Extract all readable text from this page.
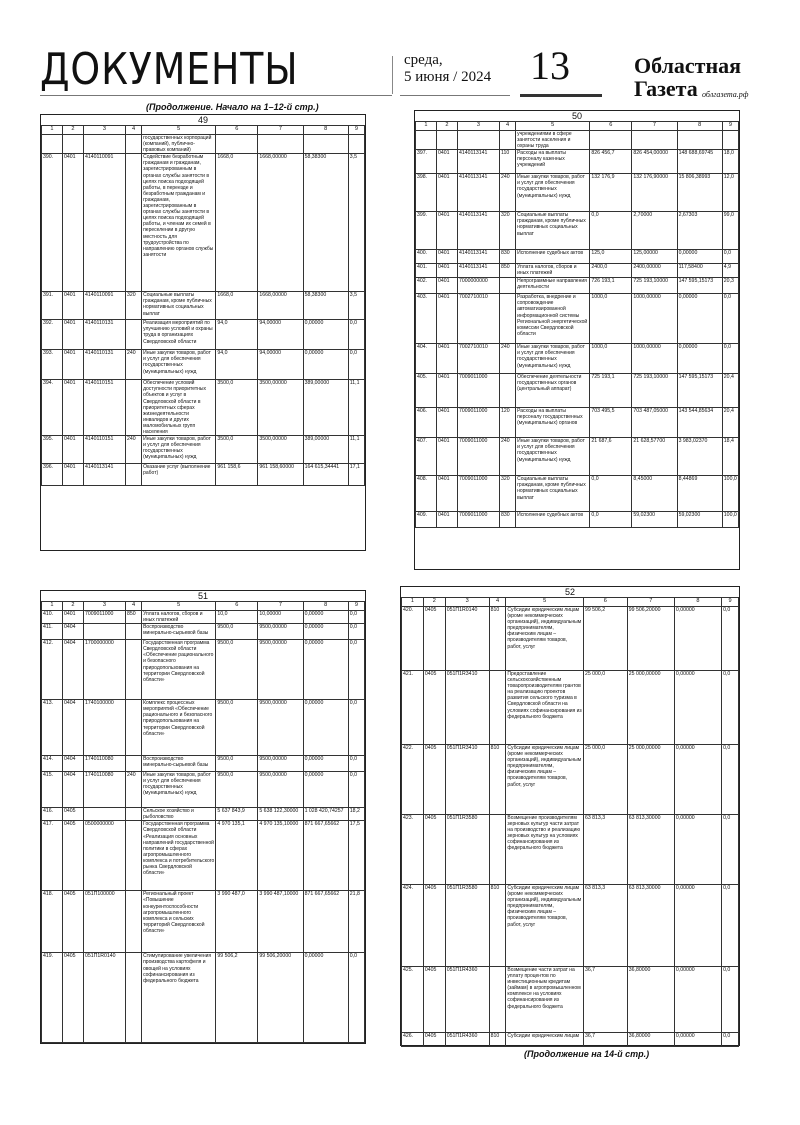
ДОКУМЕНТЫ	среда,
5 июня / 2024 13	Областная
Газета облгазета.рф
(Продолжение. Начало на 1–12-й стр.)
49
1	2	3	4	5	6	7	8	9
				государственных корпораций (компаний), публично-правовых компаний)				
390.	0401	4140110091		Содействие безработным гражданам и гражданам, зарегистрированным в органах службы занятости в целях поиска подходящей работы, в переезде и безработным гражданам и гражданам, зарегистрированным в органах службы занятости в целях поиска подходящей работы, и членам их семей в переселении в другую местность для трудоустройства по направлению органов службы занятости	1668,0	1668,00000	58,38300	3,5
391.	0401	4140110091	320	Социальные выплаты гражданам, кроме публичных нормативных социальных выплат	1668,0	1668,00000	58,38300	3,5
392.	0401	4140110131		Реализация мероприятий по улучшению условий и охраны труда в организациях Свердловской области	94,0	94,00000	0,00000	0,0
393.	0401	4140110131	240	Иные закупки товаров, работ и услуг для обеспечения государственных (муниципальных) нужд	94,0	94,00000	0,00000	0,0
394.	0401	4140110151		Обеспечение условий доступности приоритетных объектов и услуг в Свердловской области в приоритетных сферах жизнедеятельности инвалидов и других маломобильных групп населения	3500,0	3500,00000	389,00000	11,1
395.	0401	4140110151	240	Иные закупки товаров, работ и услуг для обеспечения государственных (муниципальных) нужд	3500,0	3500,00000	389,00000	11,1
396.	0401	4140113141		Оказание услуг (выполнение работ)	961 158,6	961 158,60000	164 615,34441	17,1
50
1	2	3	4	5	6	7	8	9
				учреждениями в сфере занятости населения и охраны труда				
397.	0401	4140113141	110	Расходы на выплаты персоналу казенных учреждений	826 456,7	826 454,00000	148 688,69745	18,0
398.	0401	4140113141	240	Иные закупки товаров, работ и услуг для обеспечения государственных (муниципальных) нужд	132 176,9	132 176,90000	15 806,38993	12,0
399.	0401	4140113141	320	Социальные выплаты гражданам, кроме публичных нормативных социальных выплат	0,0	2,70000	2,67303	99,0
400.	0401	4140113141	830	Исполнение судебных актов	125,0	125,00000	0,00000	0,0
401.	0401	4140113141	850	Уплата налогов, сборов и иных платежей	2400,0	2400,00000	117,58400	4,9
402.	0401	7000000000		Непрограммные направления деятельности	726 193,1	725 193,10000	147 595,15173	20,3
403.	0401	7002710010		Разработка, внедрение и сопровождение автоматизированной информационной системы Региональной энергетической комиссии Свердловской области	1000,0	1000,00000	0,00000	0,0
404.	0401	7002710010	240	Иные закупки товаров, работ и услуг для обеспечения государственных (муниципальных) нужд	1000,0	1000,00000	0,00000	0,0
405.	0401	7009011000		Обеспечение деятельности государственных органов (центральный аппарат)	725 193,1	725 193,10000	147 595,15173	20,4
406.	0401	7009011000	120	Расходы на выплаты персоналу государственных (муниципальных) органов	703 495,5	703 487,05000	143 544,85634	20,4
407.	0401	7009011000	240	Иные закупки товаров, работ и услуг для обеспечения государственных (муниципальных) нужд	21 687,6	21 628,57700	3 983,02370	18,4
408.	0401	7009011000	320	Социальные выплаты гражданам, кроме публичных нормативных социальных выплат	0,0	8,45000	8,44869	100,0
409.	0401	7009011000	830	Исполнение судебных актов	0,0	59,02300	59,02300	100,0
51
1	2	3	4	5	6	7	8	9
410.	0401	7009011000	850	Уплата налогов, сборов и иных платежей	10,0	10,00000	0,00000	0,0
411.	0404			Воспроизводство минерально-сырьевой базы	9500,0	9500,00000	0,00000	0,0
412.	0404	1700000000		Государственная программа Свердловской области «Обеспечение рационального и безопасного природопользования на территории Свердловской области»	9500,0	9500,00000	0,00000	0,0
413.	0404	1740100000		Комплекс процессных мероприятий «Обеспечение рационального и безопасного природопользования на территории Свердловской области»	9500,0	9500,00000	0,00000	0,0
414.	0404	1740110080		Воспроизводство минерально-сырьевой базы	9500,0	9500,00000	0,00000	0,0
415.	0404	1740110080	240	Иные закупки товаров, работ и услуг для обеспечения государственных (муниципальных) нужд	9500,0	9500,00000	0,00000	0,0
416.	0405			Сельское хозяйство и рыболовство	5 637 843,9	5 638 122,30000	1 028 420,74257	18,2
417.	0405	0500000000		Государственная программа Свердловской области «Реализация основных направлений государственной политики в сферах агропромышленного комплекса и потребительского рынка Свердловской области»	4 970 135,1	4 970 135,10000	871 667,65662	17,5
418.	0405	051П100000		Региональный проект «Повышение конкурентоспособности агропромышленного комплекса и сельских территорий Свердловской области»	3 990 487,0	3 990 487,10000	871 667,65662	21,8
419.	0405	051П1R0140		Стимулирование увеличения производства картофеля и овощей на условиях софинансирования из федерального бюджета	99 506,2	99 506,20000	0,00000	0,0
52
1	2	3	4	5	6	7	8	9
420.	0405	051П1R0140	810	Субсидии юридическим лицам (кроме некоммерческих организаций), индивидуальным предпринимателям, физическим лицам – производителям товаров, работ, услуг	99 506,2	99 506,20000	0,00000	0,0
421.	0405	051П1R3410		Предоставление сельскохозяйственным товаропроизводителям грантов на реализацию проектов развития сельского туризма в Свердловской области на условиях софинансирования из федерального бюджета	25 000,0	25 000,00000	0,00000	0,0
422.	0405	051П1R3410	810	Субсидии юридическим лицам (кроме некоммерческих организаций), индивидуальным предпринимателям, физическим лицам – производителям товаров, работ, услуг	25 000,0	25 000,00000	0,00000	0,0
423.	0405	051П1R3580		Возмещение производителям зерновых культур части затрат на производство и реализацию зерновых культур на условиях софинансирования из федерального бюджета	63 813,3	63 813,30000	0,00000	0,0
424.	0405	051П1R3580	810	Субсидии юридическим лицам (кроме некоммерческих организаций), индивидуальным предпринимателям, физическим лицам – производителям товаров, работ, услуг	63 813,3	63 813,30000	0,00000	0,0
425.	0405	051П1R4360		Возмещение части затрат на уплату процентов по инвестиционным кредитам (займам) в агропромышленном комплексе на условиях софинансирования из федерального бюджета	36,7	36,80000	0,00000	0,0
426.	0405	051П1R4360	810	Субсидии юридическим лицам	36,7	36,80000	0,00000	0,0
(Продолжение на 14-й стр.)
